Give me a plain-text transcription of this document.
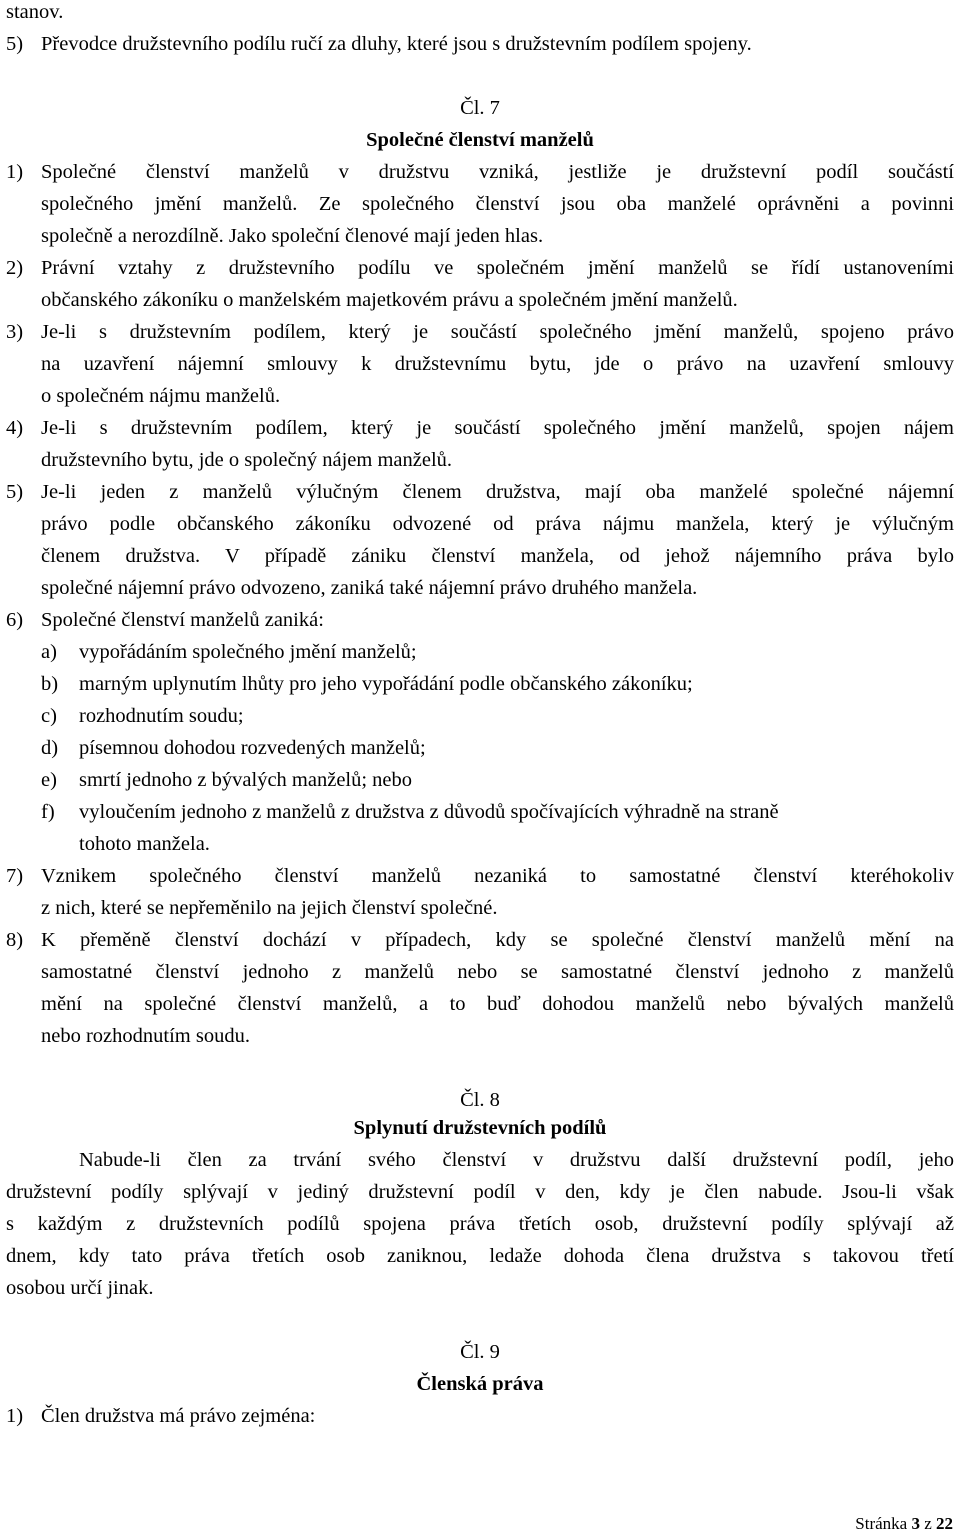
stanov.
5) Převodce družstevního podílu ručí za dluhy, které jsou s družstevním podílem spojeny.
Čl. 7
Společné členství manželů
1) Společné členství manželů v družstvu vzniká, jestliže je družstevní podíl součástí
společného jmění manželů. Ze společného členství jsou oba manželé oprávněni a povinni
společně a nerozdílně. Jako společní členové mají jeden hlas.
2) Právní vztahy z družstevního podílu ve společném jmění manželů se řídí ustanoveními
občanského zákoníku o manželském majetkovém právu a společném jmění manželů.
3) Je-li s družstevním podílem, který je součástí společného jmění manželů, spojeno právo
na uzavření nájemní smlouvy k družstevnímu bytu, jde o právo na uzavření smlouvy
o společném nájmu manželů.
4) Je-li s družstevním podílem, který je součástí společného jmění manželů, spojen nájem
družstevního bytu, jde o společný nájem manželů.
5) Je-li jeden z manželů výlučným členem družstva, mají oba manželé společné nájemní
právo podle občanského zákoníku odvozené od práva nájmu manžela, který je výlučným
členem družstva. V případě zániku členství manžela, od jehož nájemního práva bylo
společné nájemní právo odvozeno, zaniká také nájemní právo druhého manžela.
6) Společné členství manželů zaniká:
a) vypořádáním společného jmění manželů;
b) marným uplynutím lhůty pro jeho vypořádání podle občanského zákoníku;
c) rozhodnutím soudu;
d) písemnou dohodou rozvedených manželů;
e) smrtí jednoho z bývalých manželů; nebo
f) vyloučením jednoho z manželů z družstva z důvodů spočívajících výhradně na straně
tohoto manžela.
7) Vznikem společného členství manželů nezaniká to samostatné členství kteréhokoliv
z nich, které se nepřeměnilo na jejich členství společné.
8) K přeměně členství dochází v případech, kdy se společné členství manželů mění na
samostatné členství jednoho z manželů nebo se samostatné členství jednoho z manželů
mění na společné členství manželů, a to buď dohodou manželů nebo bývalých manželů
nebo rozhodnutím soudu.
Čl. 8
Splynutí družstevních podílů
Nabude-li člen za trvání svého členství v družstvu další družstevní podíl, jeho
družstevní podíly splývají v jediný družstevní podíl v den, kdy je člen nabude. Jsou-li však
s každým z družstevních podílů spojena práva třetích osob, družstevní podíly splývají až
dnem, kdy tato práva třetích osob zaniknou, ledaže dohoda člena družstva s takovou třetí
osobou určí jinak.
Čl. 9
Členská práva
1) Člen družstva má právo zejména:
Stránka 3 z 22
